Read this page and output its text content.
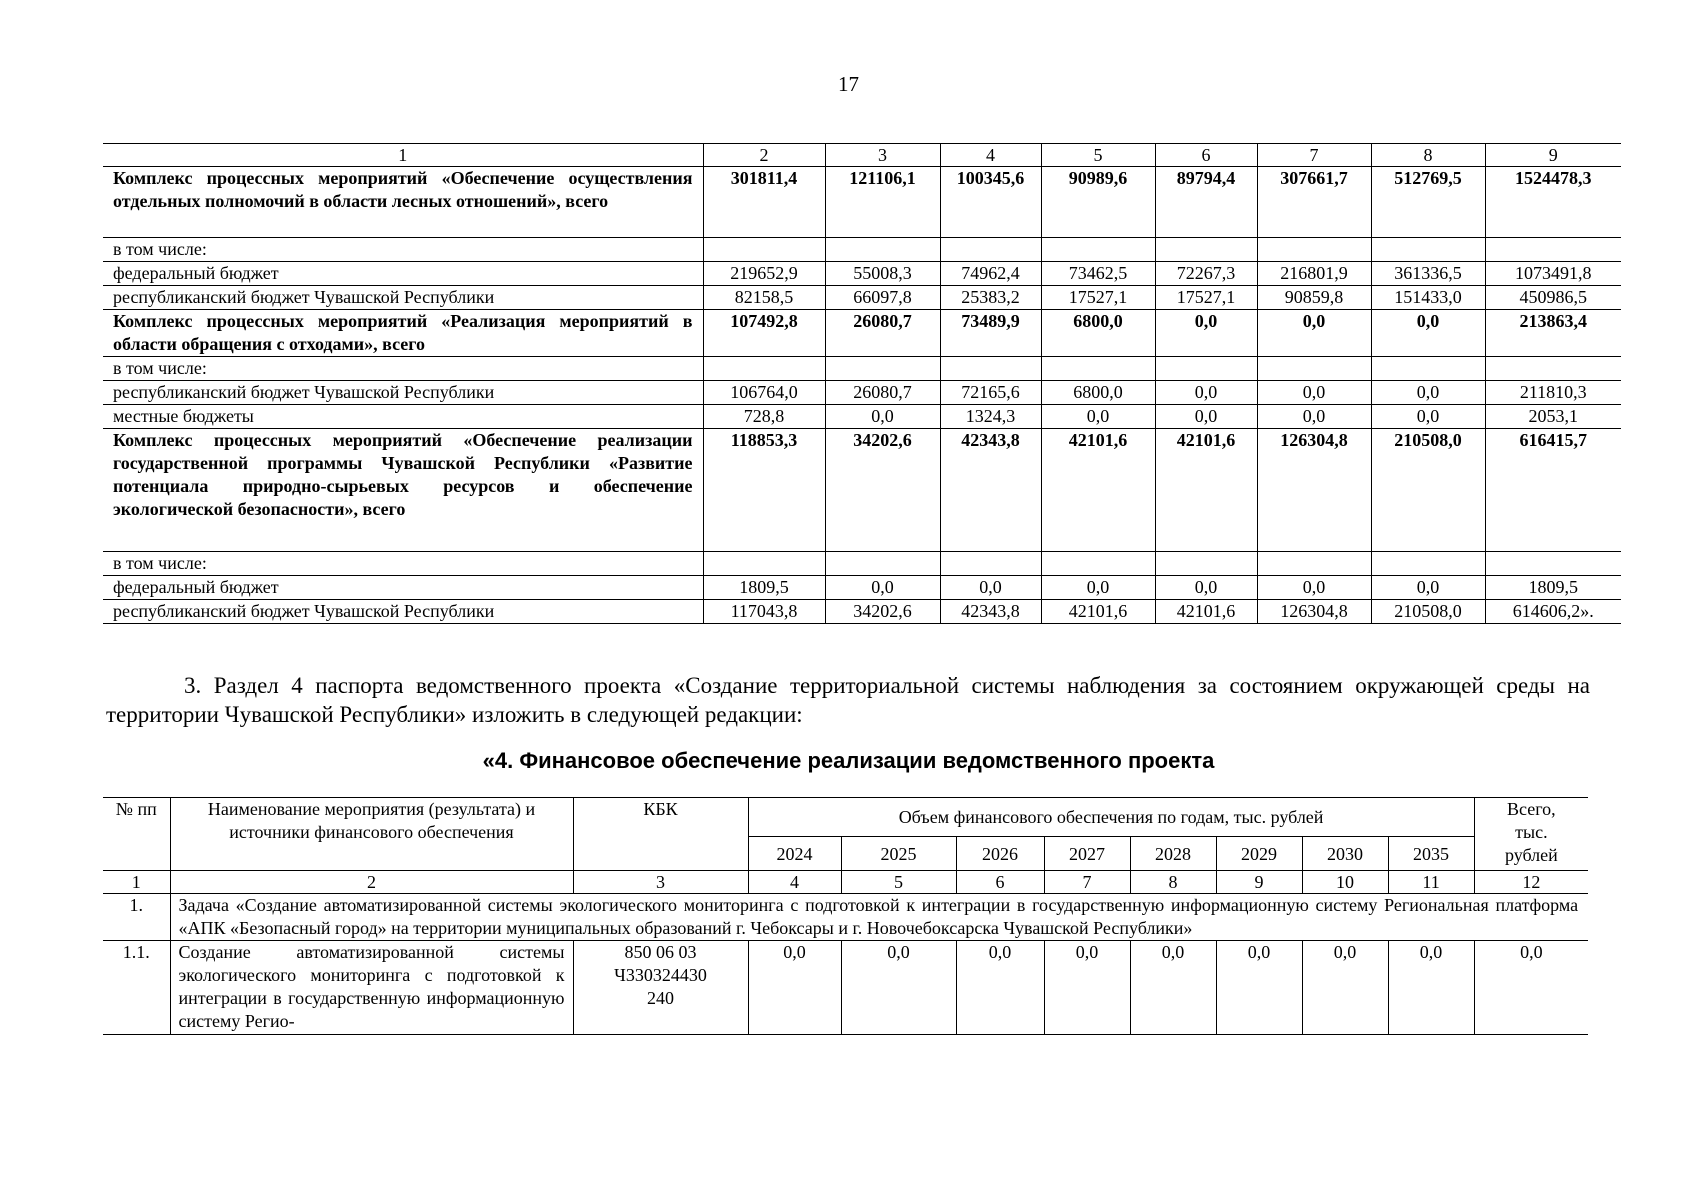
17
1	2	3	4	5	6	7	8	9
Комплекс процессных мероприятий «Обеспечение осуществления отдельных полномочий в области лесных отношений», всего	301811,4	121106,1	100345,6	90989,6	89794,4	307661,7	512769,5	1524478,3
в том числе:								
федеральный бюджет	219652,9	55008,3	74962,4	73462,5	72267,3	216801,9	361336,5	1073491,8
республиканский бюджет Чувашской Республики	82158,5	66097,8	25383,2	17527,1	17527,1	90859,8	151433,0	450986,5
Комплекс процессных мероприятий «Реализация мероприятий в области обращения с отходами», всего	107492,8	26080,7	73489,9	6800,0	0,0	0,0	0,0	213863,4
в том числе:								
республиканский бюджет Чувашской Республики	106764,0	26080,7	72165,6	6800,0	0,0	0,0	0,0	211810,3
местные бюджеты	728,8	0,0	1324,3	0,0	0,0	0,0	0,0	2053,1
Комплекс процессных мероприятий «Обеспечение реализации государственной программы Чувашской Республики «Развитие потенциала природно-сырьевых ресурсов и обеспечение экологической безопасности», всего	118853,3	34202,6	42343,8	42101,6	42101,6	126304,8	210508,0	616415,7
в том числе:								
федеральный бюджет	1809,5	0,0	0,0	0,0	0,0	0,0	0,0	1809,5
республиканский бюджет Чувашской Республики	117043,8	34202,6	42343,8	42101,6	42101,6	126304,8	210508,0	614606,2».

3. Раздел 4 паспорта ведомственного проекта «Создание территориальной системы наблюдения за состоянием окружающей среды на территории Чувашской Республики» изложить в следующей редакции:

«4. Финансовое обеспечение реализации ведомственного проекта
№ пп	Наименование мероприятия (результата) и источники финансового обеспечения	КБК	Объем финансового обеспечения по годам, тыс. рублей								Всего, тыс. рублей
			2024	2025	2026	2027	2028	2029	2030	2035	
1	2	3	4	5	6	7	8	9	10	11	12
1.	Задача «Создание автоматизированной системы экологического мониторинга с подготовкой к интеграции в государственную информационную систему Региональная платформа «АПК «Безопасный город» на территории муниципальных образований г. Чебоксары и г. Новочебоксарска Чувашской Республики»										
1.1.	Создание автоматизированной системы экологического мониторинга с подготовкой к интеграции в государственную информационную систему Регио-	850 06 03
Ч330324430
240	0,0	0,0	0,0	0,0	0,0	0,0	0,0	0,0	0,0
